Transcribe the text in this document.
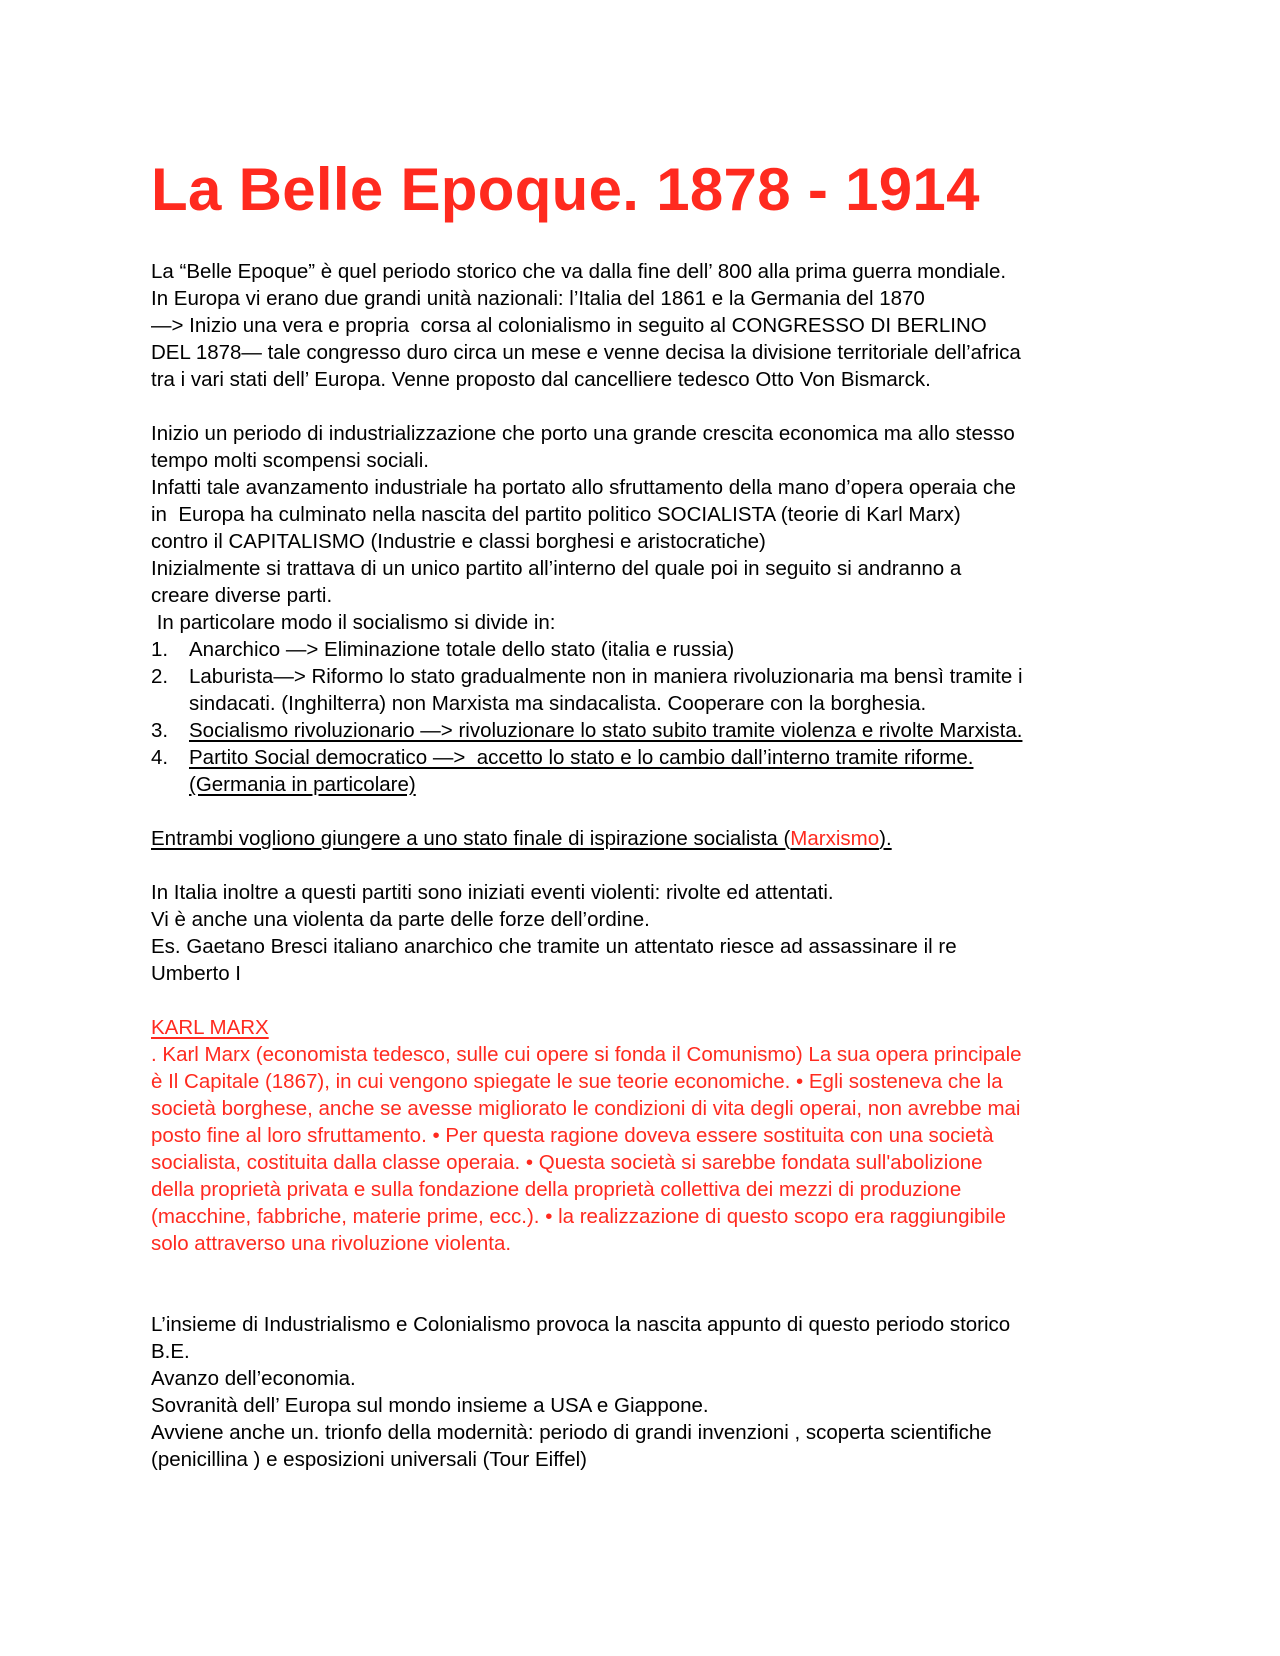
La Belle Epoque. 1878 - 1914
La “Belle Epoque” è quel periodo storico che va dalla fine dell’ 800 alla prima guerra mondiale.
In Europa vi erano due grandi unità nazionali: l’Italia del 1861 e la Germania del 1870
—> Inizio una vera e propria  corsa al colonialismo in seguito al CONGRESSO DI BERLINO
DEL 1878— tale congresso duro circa un mese e venne decisa la divisione territoriale dell’africa
tra i vari stati dell’ Europa. Venne proposto dal cancelliere tedesco Otto Von Bismarck.
Inizio un periodo di industrializzazione che porto una grande crescita economica ma allo stesso
tempo molti scompensi sociali.
Infatti tale avanzamento industriale ha portato allo sfruttamento della mano d’opera operaia che
in  Europa ha culminato nella nascita del partito politico SOCIALISTA (teorie di Karl Marx)
contro il CAPITALISMO (Industrie e classi borghesi e aristocratiche)
Inizialmente si trattava di un unico partito all’interno del quale poi in seguito si andranno a
creare diverse parti.
In particolare modo il socialismo si divide in:
1. Anarchico —> Eliminazione totale dello stato (italia e russia)
2. Laburista—> Riformo lo stato gradualmente non in maniera rivoluzionaria ma bensì tramite i
sindacati. (Inghilterra) non Marxista ma sindacalista. Cooperare con la borghesia.
3. Socialismo rivoluzionario —> rivoluzionare lo stato subito tramite violenza e rivolte Marxista.
4. Partito Social democratico —>  accetto lo stato e lo cambio dall’interno tramite riforme.
(Germania in particolare)
Entrambi vogliono giungere a uno stato finale di ispirazione socialista (Marxismo).
In Italia inoltre a questi partiti sono iniziati eventi violenti: rivolte ed attentati.
Vi è anche una violenta da parte delle forze dell’ordine.
Es. Gaetano Bresci italiano anarchico che tramite un attentato riesce ad assassinare il re
Umberto I
KARL MARX
. Karl Marx (economista tedesco, sulle cui opere si fonda il Comunismo) La sua opera principale
è Il Capitale (1867), in cui vengono spiegate le sue teorie economiche. • Egli sosteneva che la
società borghese, anche se avesse migliorato le condizioni di vita degli operai, non avrebbe mai
posto fine al loro sfruttamento. • Per questa ragione doveva essere sostituita con una società
socialista, costituita dalla classe operaia. • Questa società si sarebbe fondata sull'abolizione
della proprietà privata e sulla fondazione della proprietà collettiva dei mezzi di produzione
(macchine, fabbriche, materie prime, ecc.). • la realizzazione di questo scopo era raggiungibile
solo attraverso una rivoluzione violenta.
L’insieme di Industrialismo e Colonialismo provoca la nascita appunto di questo periodo storico
B.E.
Avanzo dell’economia.
Sovranità dell’ Europa sul mondo insieme a USA e Giappone.
Avviene anche un. trionfo della modernità: periodo di grandi invenzioni , scoperta scientifiche
(penicillina ) e esposizioni universali (Tour Eiffel)
